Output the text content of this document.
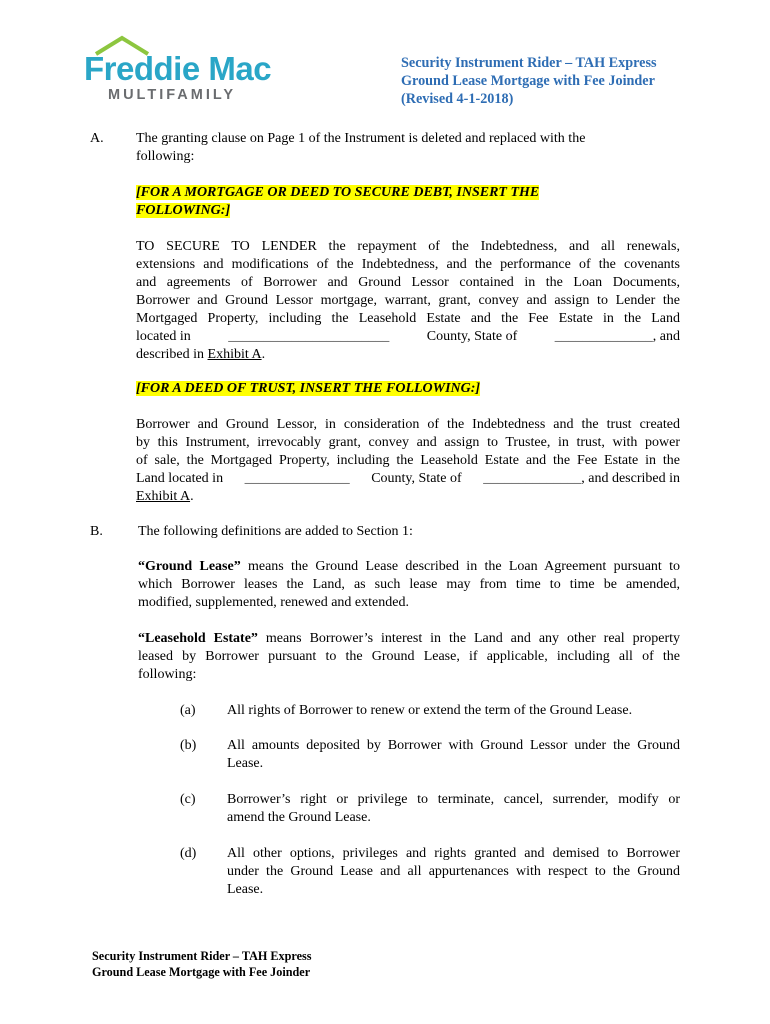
Freddie Mac
MULTIFAMILY
Security Instrument Rider – TAH Express
Ground Lease Mortgage with Fee Joinder
(Revised 4-1-2018)
A. The granting clause on Page 1 of the Instrument is deleted and replaced with the
following:
[FOR A MORTGAGE OR DEED TO SECURE DEBT, INSERT THE
FOLLOWING:]
TO SECURE TO LENDER the repayment of the Indebtedness, and all renewals,
extensions and modifications of the Indebtedness, and the performance of the covenants
and agreements of Borrower and Ground Lessor contained in the Loan Documents,
Borrower and Ground Lessor mortgage, warrant, grant, convey and assign to Lender the
Mortgaged Property, including the Leasehold Estate and the Fee Estate in the Land
located in	_______________________	County, State of	______________, and
described in Exhibit A.
[FOR A DEED OF TRUST, INSERT THE FOLLOWING:]
Borrower and Ground Lessor, in consideration of the Indebtedness and the trust created
by this Instrument, irrevocably grant, convey and assign to Trustee, in trust, with power
of sale, the Mortgaged Property, including the Leasehold Estate and the Fee Estate in the
Land located in _______________ County, State of ______________, and described in
Exhibit A.
B.	The following definitions are added to Section 1:
“Ground Lease” means the Ground Lease described in the Loan Agreement pursuant to
which Borrower leases the Land, as such lease may from time to time be amended,
modified, supplemented, renewed and extended.
“Leasehold Estate” means Borrower’s interest in the Land and any other real property
leased by Borrower pursuant to the Ground Lease, if applicable, including all of the
following:
(a) All rights of Borrower to renew or extend the term of the Ground Lease.
(b) All amounts deposited by Borrower with Ground Lessor under the Ground
Lease.
(c) Borrower’s right or privilege to terminate, cancel, surrender, modify or
amend the Ground Lease.
(d) All other options, privileges and rights granted and demised to Borrower
under the Ground Lease and all appurtenances with respect to the Ground
Lease.
Security Instrument Rider – TAH Express
Ground Lease Mortgage with Fee Joinder
